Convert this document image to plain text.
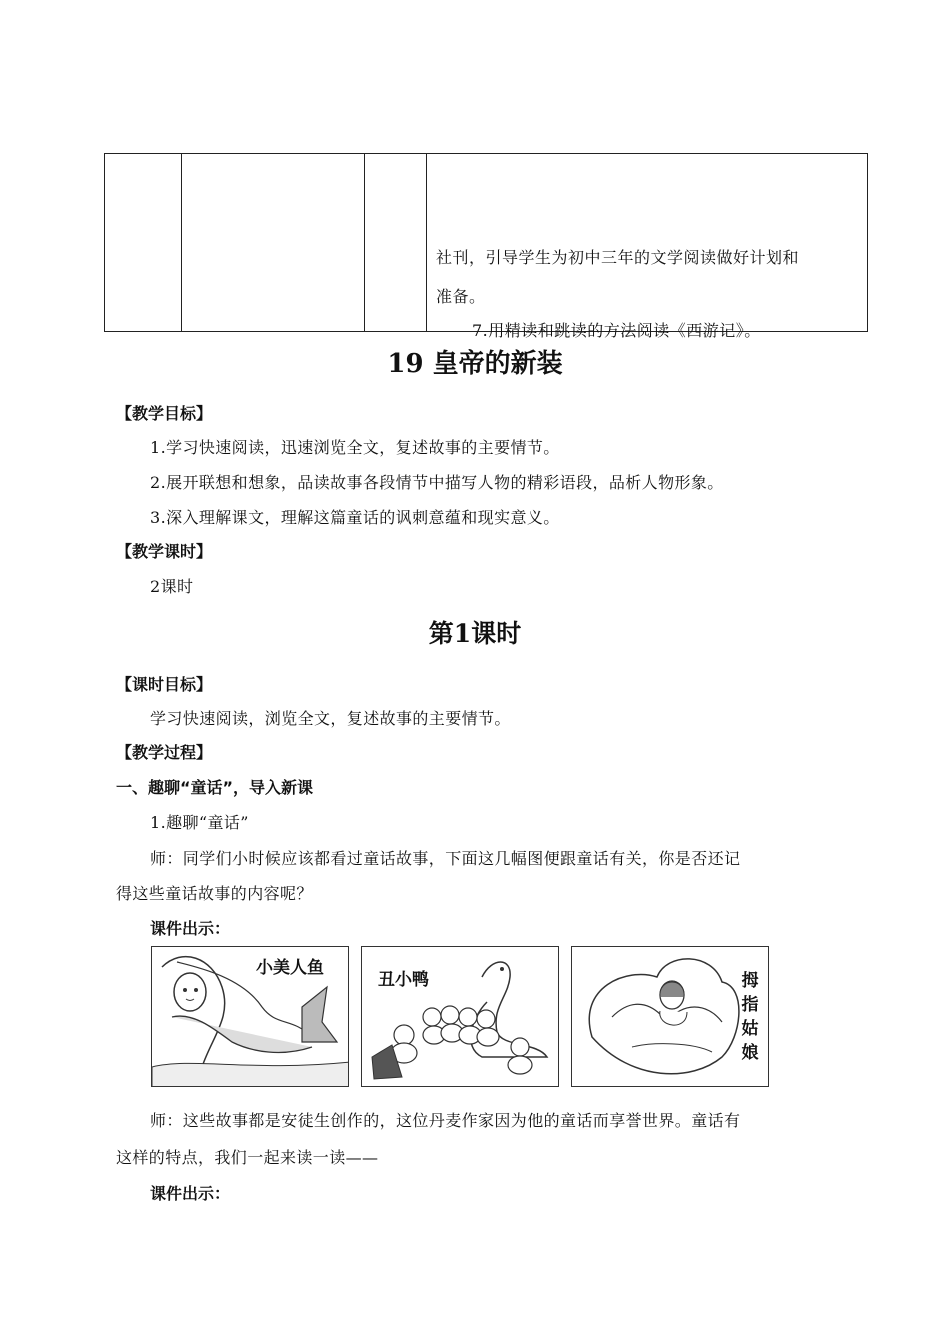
社刊，引导学生为初中三年的文学阅读做好计划和
准备。
7.用精读和跳读的方法阅读《西游记》。
19 皇帝的新装
【教学目标】
1.学习快速阅读，迅速浏览全文，复述故事的主要情节。
2.展开联想和想象，品读故事各段情节中描写人物的精彩语段，品析人物形象。
3.深入理解课文，理解这篇童话的讽刺意蕴和现实意义。
【教学课时】
2课时
第1课时
【课时目标】
学习快速阅读，浏览全文，复述故事的主要情节。
【教学过程】
一、趣聊“童话”，导入新课
1.趣聊“童话”
师：同学们小时候应该都看过童话故事，下面这几幅图便跟童话有关，你是否还记
得这些童话故事的内容呢？
课件出示：
小美人鱼
丑小鸭	拇指姑娘
师：这些故事都是安徒生创作的，这位丹麦作家因为他的童话而享誉世界。童话有
这样的特点，我们一起来读一读——
课件出示：
